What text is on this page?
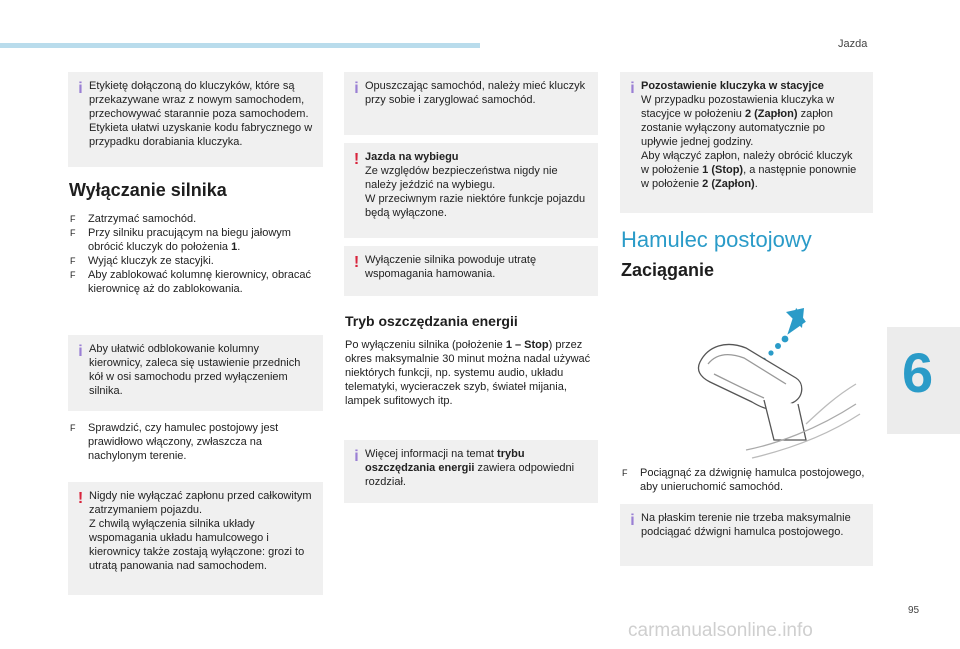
Jazda
6
95
carmanualsonline.info
i Etykietę dołączoną do kluczyków, które są przekazywane wraz z nowym samochodem, przechowywać starannie poza samochodem. Etykieta ułatwi uzyskanie kodu fabrycznego w przypadku dorabiania kluczyka.

Wyłączanie silnika
F Zatrzymać samochód.
F Przy silniku pracującym na biegu jałowym obrócić kluczyk do położenia 1.
F Wyjąć kluczyk ze stacyjki.
F Aby zablokować kolumnę kierownicy, obracać kierownicę aż do zablokowania.
i Aby ułatwić odblokowanie kolumny kierownicy, zaleca się ustawienie przednich kół w osi samochodu przed wyłączeniem silnika.

F Sprawdzić, czy hamulec postojowy jest prawidłowo włączony, zwłaszcza na nachylonym terenie.
! Nigdy nie wyłączać zapłonu przed całkowitym zatrzymaniem pojazdu.

Z chwilą wyłączenia silnika układy wspomagania układu hamulcowego i kierownicy także zostają wyłączone: grozi to utratą panowania nad samochodem.

i Opuszczając samochód, należy mieć kluczyk przy sobie i zaryglować samochód.

! Jazda na wybiegu

Ze względów bezpieczeństwa nigdy nie należy jeździć na wybiegu.

W przeciwnym razie niektóre funkcje pojazdu będą wyłączone.

! Wyłączenie silnika powoduje utratę wspomagania hamowania.

Tryb oszczędzania energii
Po wyłączeniu silnika (położenie 1 – Stop) przez okres maksymalnie 30 minut można nadal używać niektórych funkcji, np. systemu audio, układu telematyki, wycieraczek szyb, świateł mijania, lampek sufitowych itp.
i Więcej informacji na temat trybu oszczędzania energii zawiera odpowiedni rozdział.

i Pozostawienie kluczyka w stacyjce

W przypadku pozostawienia kluczyka w stacyjce w położeniu 2 (Zapłon) zapłon zostanie wyłączony automatycznie po upływie jednej godziny.

Aby włączyć zapłon, należy obrócić kluczyk w położenie 1 (Stop), a następnie ponownie w położenie 2 (Zapłon).

Hamulec postojowy
Zaciąganie
F Pociągnąć za dźwignię hamulca postojowego, aby unieruchomić samochód.
i Na płaskim terenie nie trzeba maksymalnie podciągać dźwigni hamulca postojowego.
